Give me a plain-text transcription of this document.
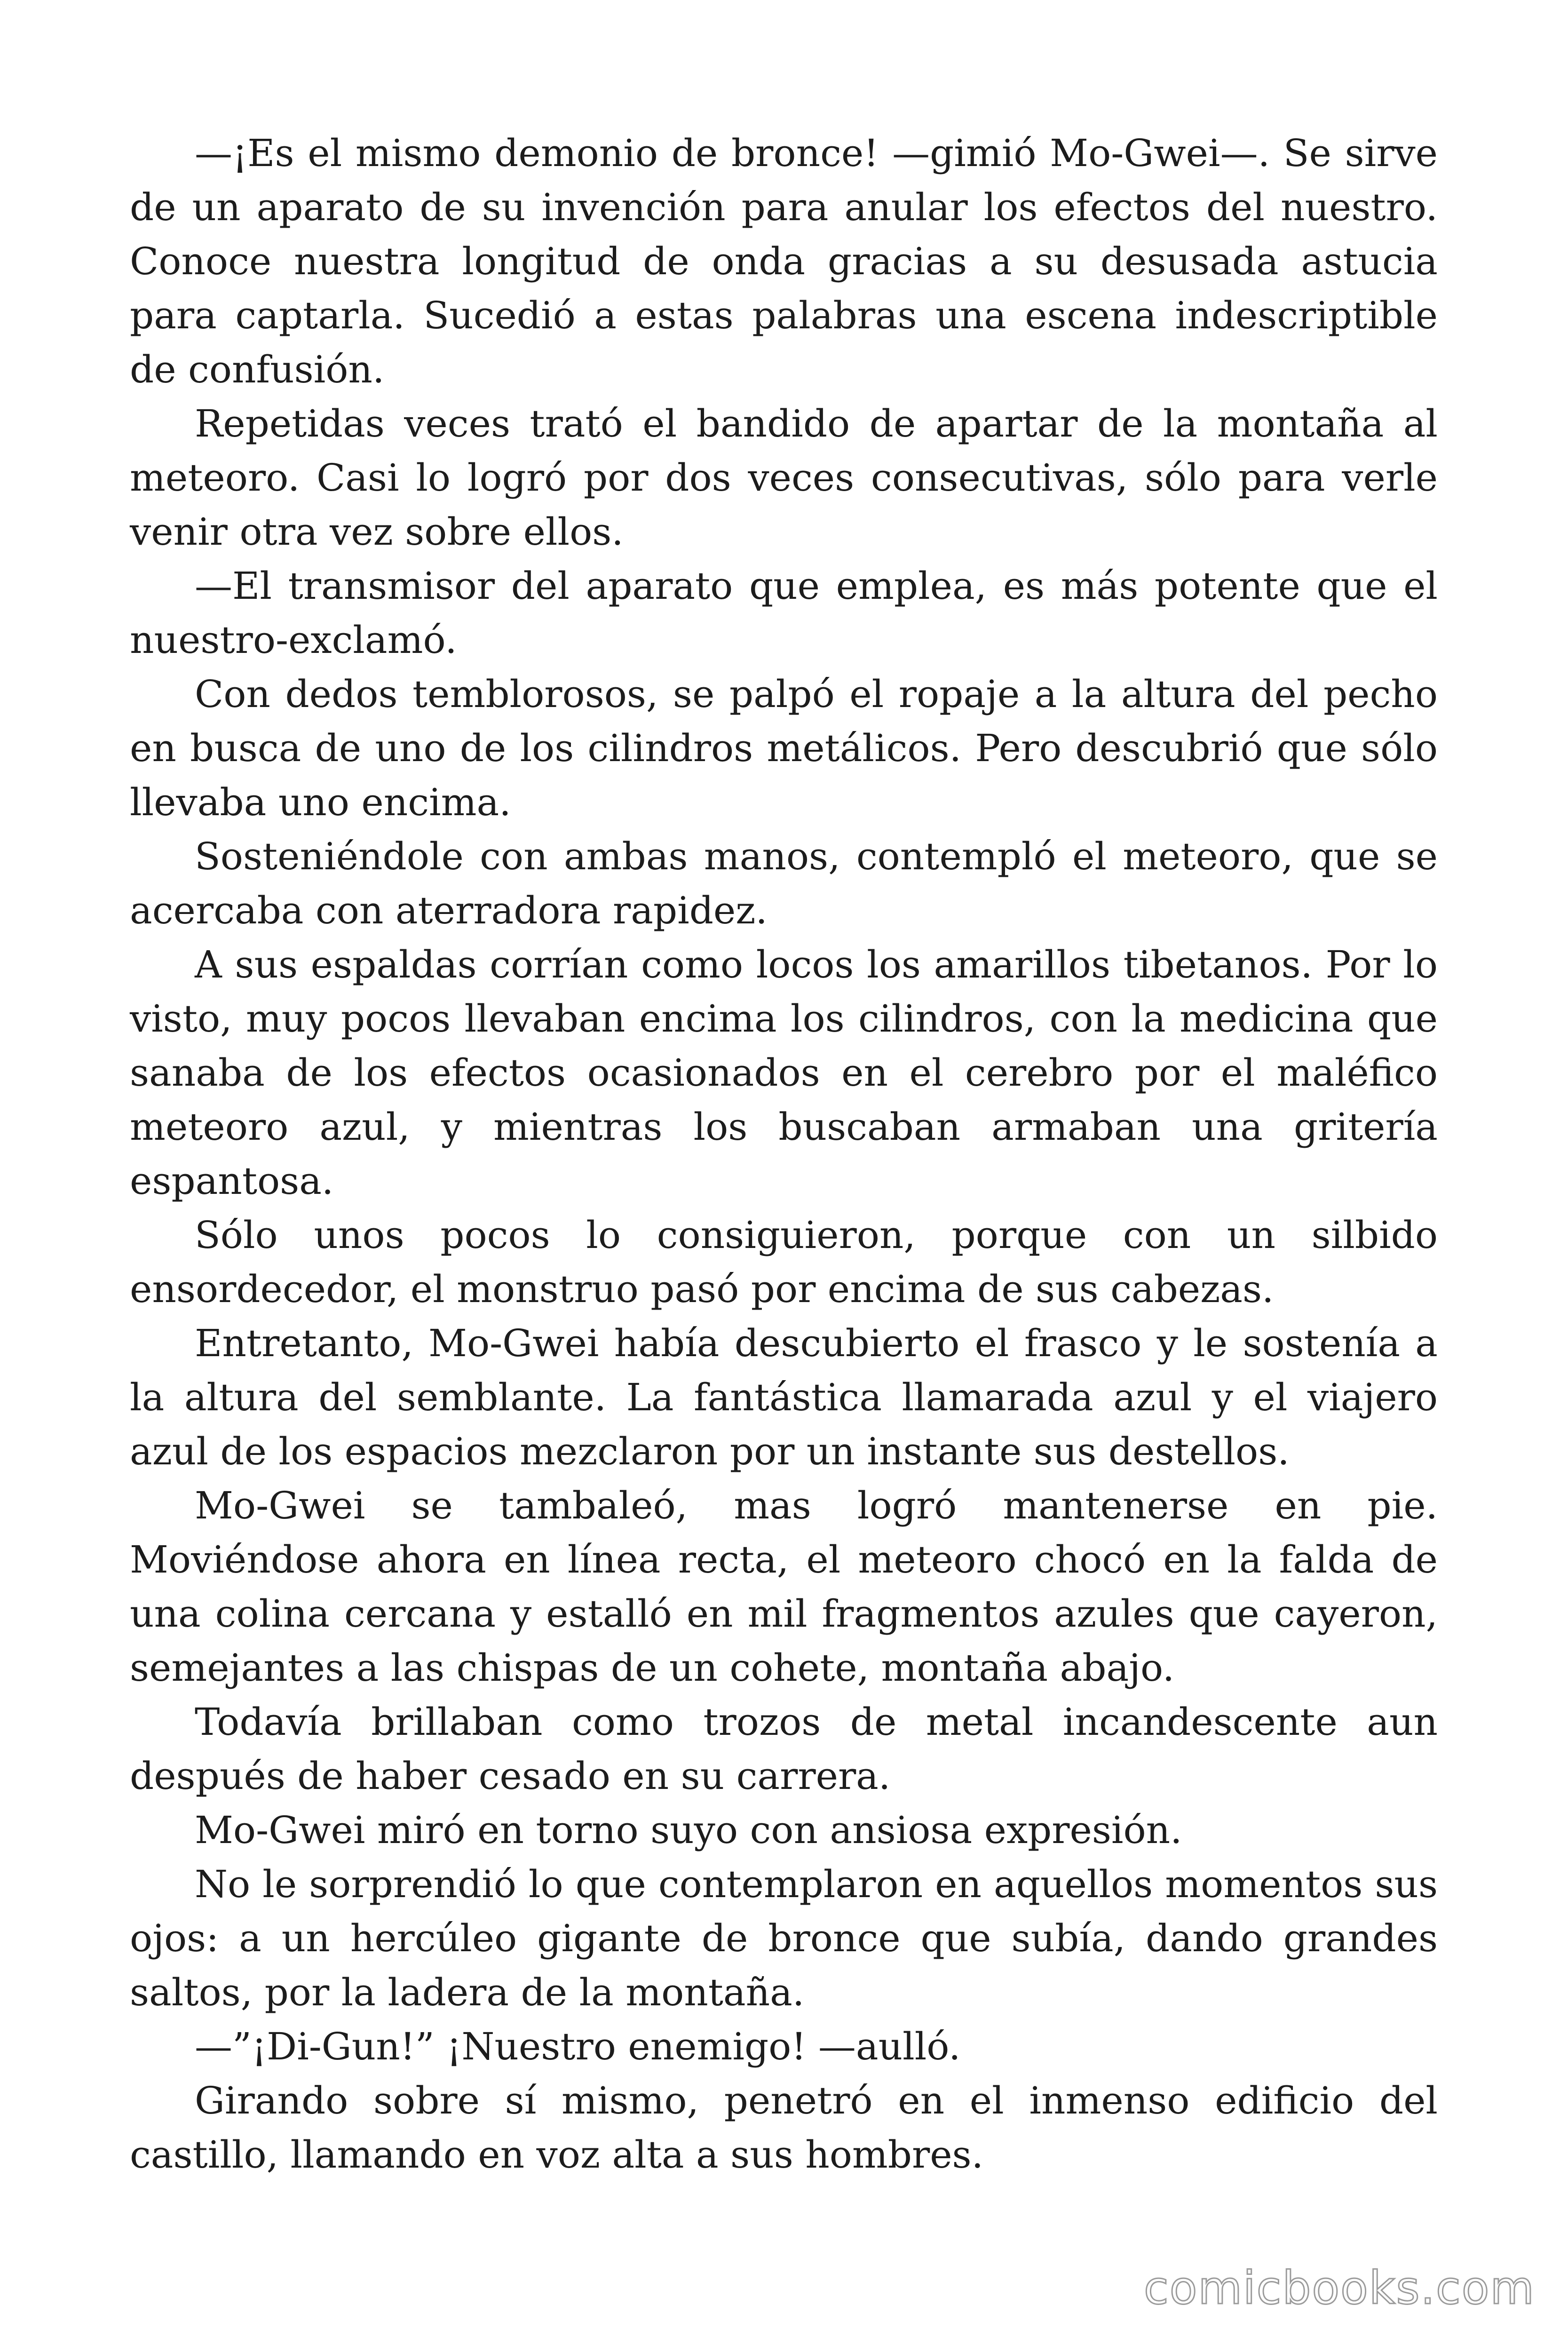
—¡Es el mismo demonio de bronce! —gimió Mo-Gwei—. Se sirve de un aparato de su invención para anular los efectos del nuestro. Conoce nuestra longitud de onda gracias a su desusada astucia para captarla. Sucedió a estas palabras una escena indescriptible de confusión.

Repetidas veces trató el bandido de apartar de la montaña al meteoro. Casi lo logró por dos veces consecutivas, sólo para verle venir otra vez sobre ellos.

—El transmisor del aparato que emplea, es más potente que el nuestro-exclamó.

Con dedos temblorosos, se palpó el ropaje a la altura del pecho en busca de uno de los cilindros metálicos. Pero descubrió que sólo llevaba uno encima.

Sosteniéndole con ambas manos, contempló el meteoro, que se acercaba con aterradora rapidez.

A sus espaldas corrían como locos los amarillos tibetanos. Por lo visto, muy pocos llevaban encima los cilindros, con la medicina que sanaba de los efectos ocasionados en el cerebro por el maléfico meteoro azul, y mientras los buscaban armaban una gritería espantosa.

Sólo unos pocos lo consiguieron, porque con un silbido ensordecedor, el monstruo pasó por encima de sus cabezas.

Entretanto, Mo-Gwei había descubierto el frasco y le sostenía a la altura del semblante. La fantástica llamarada azul y el viajero azul de los espacios mezclaron por un instante sus destellos.

Mo-Gwei se tambaleó, mas logró mantenerse en pie. Moviéndose ahora en línea recta, el meteoro chocó en la falda de una colina cercana y estalló en mil fragmentos azules que cayeron, semejantes a las chispas de un cohete, montaña abajo.

Todavía brillaban como trozos de metal incandescente aun después de haber cesado en su carrera.

Mo-Gwei miró en torno suyo con ansiosa expresión.

No le sorprendió lo que contemplaron en aquellos momentos sus ojos: a un hercúleo gigante de bronce que subía, dando grandes saltos, por la ladera de la montaña.

—”¡Di-Gun!” ¡Nuestro enemigo! —aulló.

Girando sobre sí mismo, penetró en el inmenso edificio del castillo, llamando en voz alta a sus hombres.

comicbooks.com
